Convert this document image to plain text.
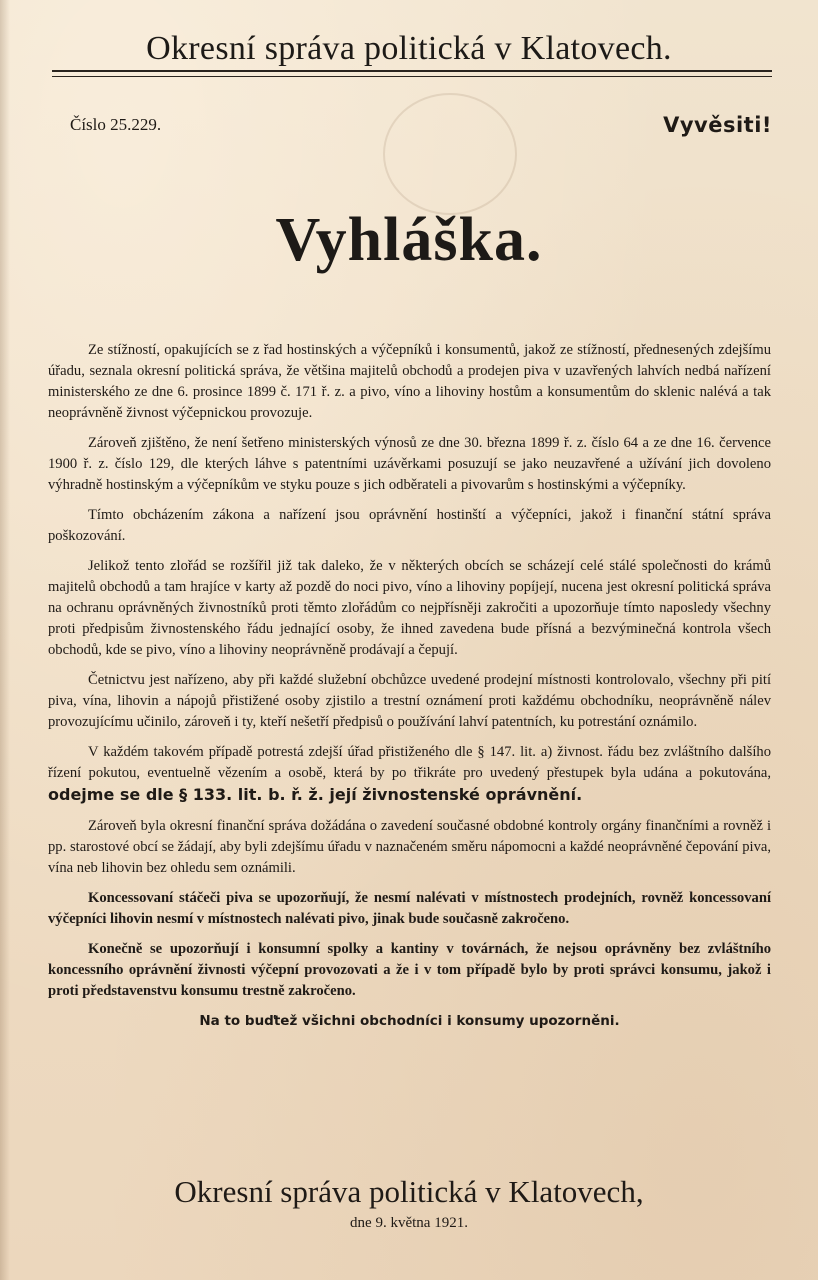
Okresní správa politická v Klatovech.
Číslo 25.229.	Vyvěsiti!
Vyhláška.

Ze stížností, opakujících se z řad hostinských a výčepníků i konsumentů, jakož ze stížností, přednesených zdejšímu úřadu, seznala okresní politická správa, že většina majitelů obchodů a prodejen piva v uzavřených lahvích nedbá nařízení ministerského ze dne 6. prosince 1899 č. 171 ř. z. a pivo, víno a lihoviny hostům a konsumentům do sklenic nalévá a tak neoprávněně živnost výčepnickou provozuje.

Zároveň zjištěno, že není šetřeno ministerských výnosů ze dne 30. března 1899 ř. z. číslo 64 a ze dne 16. července 1900 ř. z. číslo 129, dle kterých láhve s patentními uzávěrkami posuzují se jako neuzavřené a užívání jich dovoleno výhradně hostinským a výčepníkům ve styku pouze s jich odběrateli a pivovarům s hostinskými a výčepníky.

Tímto obcházením zákona a nařízení jsou oprávnění hostinští a výčepníci, jakož i finanční státní správa poškozování.

Jelikož tento zlořád se rozšířil již tak daleko, že v některých obcích se scházejí celé stálé společnosti do krámů majitelů obchodů a tam hrajíce v karty až pozdě do noci pivo, víno a lihoviny popíjejí, nucena jest okresní politická správa na ochranu oprávněných živnostníků proti těmto zlořádům co nejpřísněji zakročiti a upozorňuje tímto naposledy všechny proti předpisům živnostenského řádu jednající osoby, že ihned zavedena bude přísná a bezvýminečná kontrola všech obchodů, kde se pivo, víno a lihoviny neoprávněně prodávají a čepují.

Četnictvu jest nařízeno, aby při každé služební obchůzce uvedené prodejní místnosti kontrolovalo, všechny při pití piva, vína, lihovin a nápojů přistižené osoby zjistilo a trestní oznámení proti každému obchodníku, neoprávněně nálev provozujícímu učinilo, zároveň i ty, kteří nešetří předpisů o používání lahví patentních, ku potrestání oznámilo.

V každém takovém případě potrestá zdejší úřad přistiženého dle § 147. lit. a) živnost. řádu bez zvláštního dalšího řízení pokutou, eventuelně vězením a osobě, která by po třikráte pro uvedený přestupek byla udána a pokutována, odejme se dle § 133. lit. b. ř. ž. její živnostenské oprávnění.

Zároveň byla okresní finanční správa dožádána o zavedení současné obdobné kontroly orgány finančními a rovněž i pp. starostové obcí se žádají, aby byli zdejšímu úřadu v naznačeném směru nápomocni a každé neoprávněné čepování piva, vína neb lihovin bez ohledu sem oznámili.

Koncessovaní stáčeči piva se upozorňují, že nesmí nalévati v místnostech prodejních, rovněž koncessovaní výčepníci lihovin nesmí v místnostech nalévati pivo, jinak bude současně zakročeno.

Konečně se upozorňují i konsumní spolky a kantiny v továrnách, že nejsou oprávněny bez zvláštního koncessního oprávnění živnosti výčepní provozovati a že i v tom případě bylo by proti správci konsumu, jakož i proti představenstvu konsumu trestně zakročeno.

Na to buďtež všichni obchodníci i konsumy upozorněni.
Okresní správa politická v Klatovech,
dne 9. května 1921.
